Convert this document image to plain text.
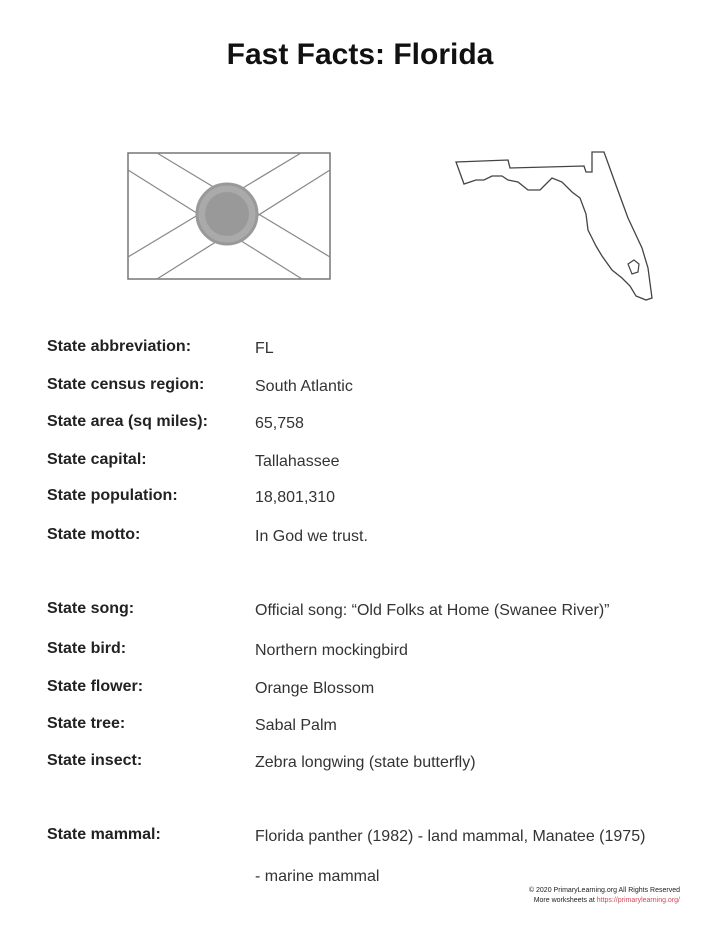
Fast Facts: Florida
State abbreviation:	FL
State census region:	South Atlantic
State area (sq miles):	65,758
State capital:	Tallahassee
State population:	18,801,310
State motto:	In God we trust.
State song:	Official song: “Old Folks at Home (Swanee River)”
State bird:	Northern mockingbird
State flower:	Orange Blossom
State tree:	Sabal Palm
State insect:	Zebra longwing (state butterfly)
State mammal:	Florida panther (1982) - land mammal, Manatee (1975)
- marine mammal
© 2020 PrimaryLearning.org All Rights Reserved
More worksheets at https://primarylearning.org/
